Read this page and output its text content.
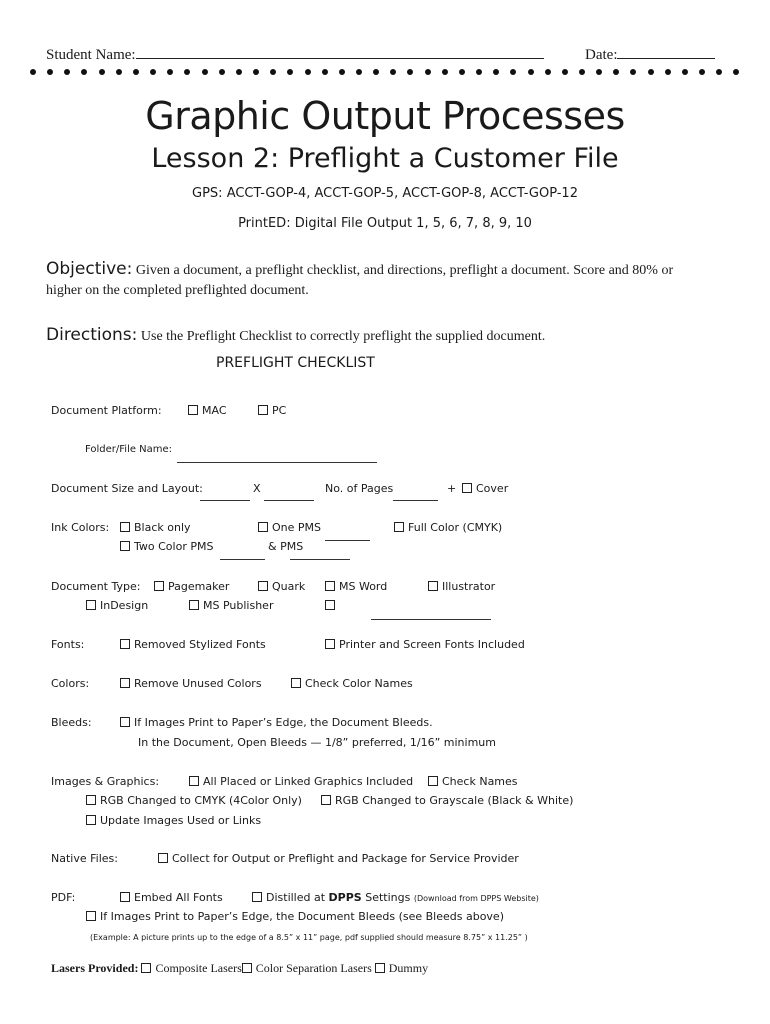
Student Name:	Date:
Graphic Output Processes
Lesson 2: Preflight a Customer File
GPS: ACCT-GOP-4, ACCT-GOP-5, ACCT-GOP-8, ACCT-GOP-12
PrintED: Digital File Output 1, 5, 6, 7, 8, 9, 10
Objective: Given a document, a preflight checklist, and directions, preflight a document. Score and 80% or
higher on the completed preflighted document.
Directions: Use the Preflight Checklist to correctly preflight the supplied document.
PREFLIGHT CHECKLIST
Document Platform:	MAC	PC
Folder/File Name:
Document Size and Layout:	X	No. of Pages	+	Cover
Ink Colors:	Black only	One PMS	Full Color (CMYK)
Two Color PMS	& PMS
Document Type:	Pagemaker	Quark	MS Word	Illustrator
InDesign	MS Publisher
Fonts:	Removed Stylized Fonts	Printer and Screen Fonts Included
Colors:	Remove Unused Colors	Check Color Names
Bleeds:	If Images Print to Paper’s Edge, the Document Bleeds.
In the Document, Open Bleeds — 1/8” preferred, 1/16” minimum
Images & Graphics:	All Placed or Linked Graphics Included	Check Names
RGB Changed to CMYK (4Color Only)	RGB Changed to Grayscale (Black & White)
Update Images Used or Links
Native Files:	Collect for Output or Preflight and Package for Service Provider
PDF:	Embed All Fonts	Distilled at DPPS Settings (Download from DPPS Website)
If Images Print to Paper’s Edge, the Document Bleeds (see Bleeds above)
(Example: A picture prints up to the edge of a 8.5” x 11” page, pdf supplied should measure 8.75” x 11.25” )
Lasers Provided: Composite Lasers Color Separation Lasers Dummy
